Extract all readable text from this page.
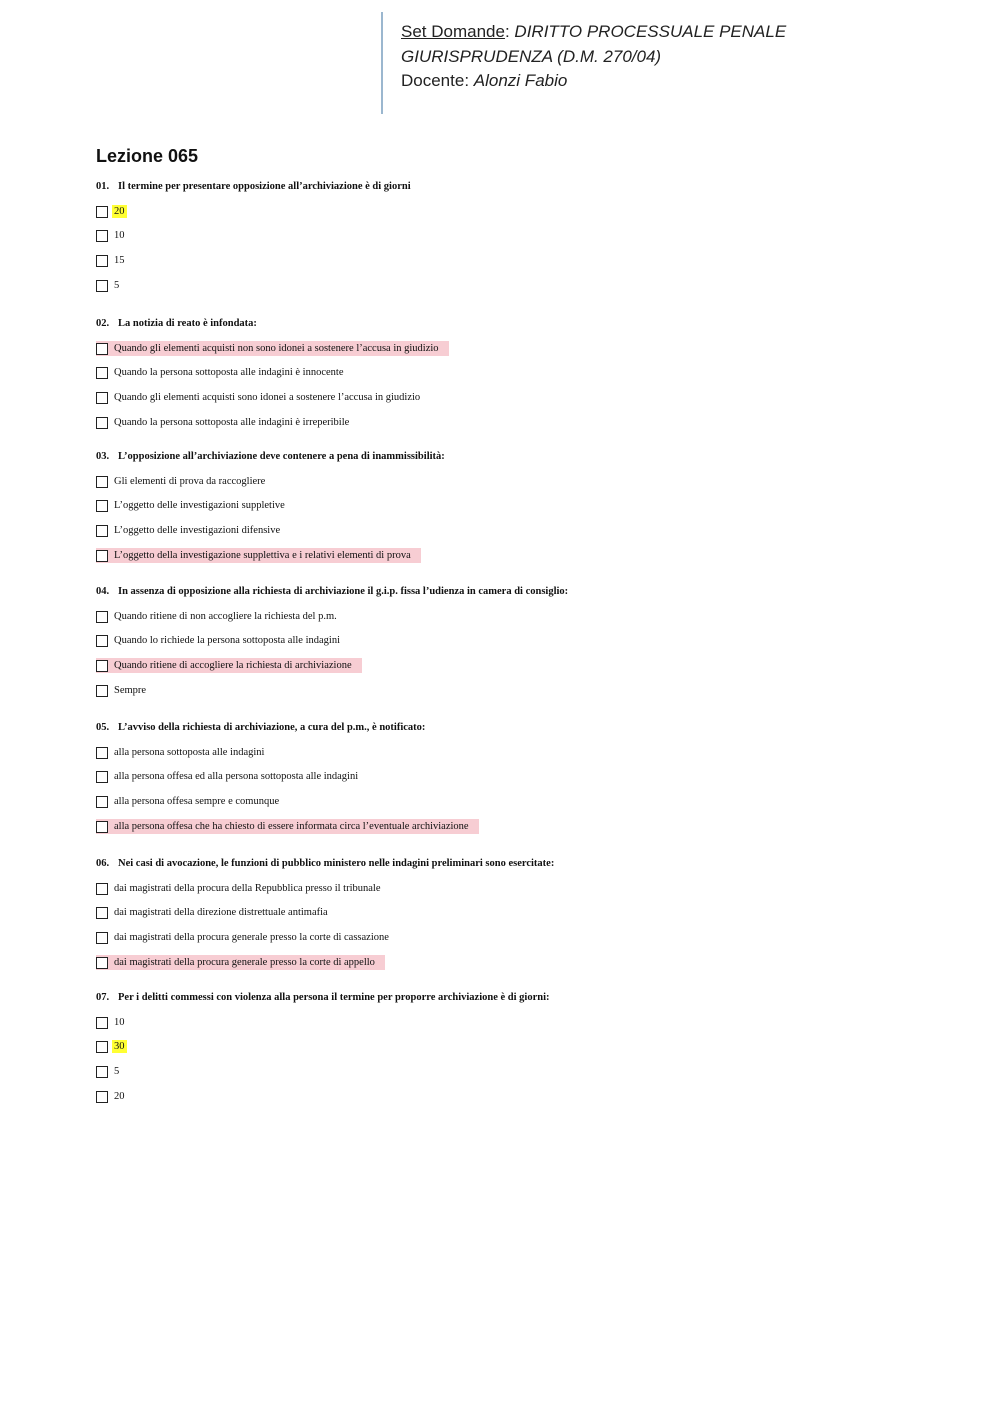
Set Domande: DIRITTO PROCESSUALE PENALE
GIURISPRUDENZA (D.M. 270/04)
Docente: Alonzi Fabio
Lezione 065
01. Il termine per presentare opposizione all’archiviazione è di giorni
20
10
15
5
02. La notizia di reato è infondata:
Quando gli elementi acquisti non sono idonei a sostenere l’accusa in giudizio
Quando la persona sottoposta alle indagini è innocente
Quando gli elementi acquisti sono idonei a sostenere l’accusa in giudizio
Quando la persona sottoposta alle indagini è irreperibile
03. L’opposizione all’archiviazione deve contenere a pena di inammissibilità:
Gli elementi di prova da raccogliere
L’oggetto delle investigazioni suppletive
L’oggetto delle investigazioni difensive
L’oggetto della investigazione supplettiva e i relativi elementi di prova
04. In assenza di opposizione alla richiesta di archiviazione il g.i.p. fissa l’udienza in camera di consiglio:
Quando ritiene di non accogliere la richiesta del p.m.
Quando lo richiede la persona sottoposta alle indagini
Quando ritiene di accogliere la richiesta di archiviazione
Sempre
05. L’avviso della richiesta di archiviazione, a cura del p.m., è notificato:
alla persona sottoposta alle indagini
alla persona offesa ed alla persona sottoposta alle indagini
alla persona offesa sempre e comunque
alla persona offesa che ha chiesto di essere informata circa l’eventuale archiviazione
06. Nei casi di avocazione, le funzioni di pubblico ministero nelle indagini preliminari sono esercitate:
dai magistrati della procura della Repubblica presso il tribunale
dai magistrati della direzione distrettuale antimafia
dai magistrati della procura generale presso la corte di cassazione
dai magistrati della procura generale presso la corte di appello
07. Per i delitti commessi con violenza alla persona il termine per proporre archiviazione è di giorni:
10
30
5
20
